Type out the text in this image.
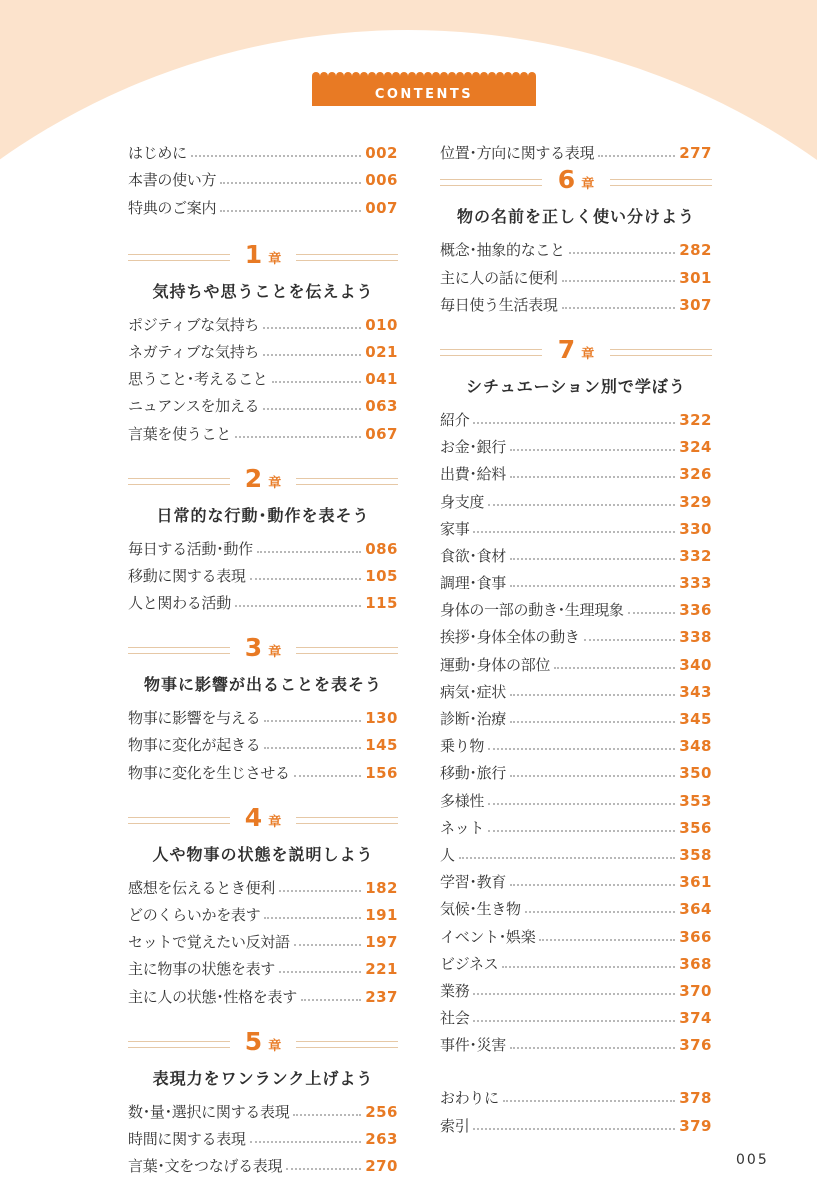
CONTENTS
はじめに	002
本書の使い方	006
特典のご案内	007
1 章
気持ちや思うことを伝えよう
ポジティブな気持ち	010
ネガティブな気持ち	021
思うこと･考えること	041
ニュアンスを加える	063
言葉を使うこと	067
2 章
日常的な行動･動作を表そう
毎日する活動･動作	086
移動に関する表現	105
人と関わる活動	115
3 章
物事に影響が出ることを表そう
物事に影響を与える	130
物事に変化が起きる	145
物事に変化を生じさせる	156
4 章
人や物事の状態を説明しよう
感想を伝えるとき便利	182
どのくらいかを表す	191
セットで覚えたい反対語	197
主に物事の状態を表す	221
主に人の状態･性格を表す	237
5 章
表現力をワンランク上げよう
数･量･選択に関する表現	256
時間に関する表現	263
言葉･文をつなげる表現	270
位置･方向に関する表現	277
6 章
物の名前を正しく使い分けよう
概念･抽象的なこと	282
主に人の話に便利	301
毎日使う生活表現	307
7 章
シチュエーション別で学ぼう
紹介	322
お金･銀行	324
出費･給料	326
身支度	329
家事	330
食欲･食材	332
調理･食事	333
身体の一部の動き･生理現象	336
挨拶･身体全体の動き	338
運動･身体の部位	340
病気･症状	343
診断･治療	345
乗り物	348
移動･旅行	350
多様性	353
ネット	356
人	358
学習･教育	361
気候･生き物	364
イベント･娯楽	366
ビジネス	368
業務	370
社会	374
事件･災害	376
おわりに	378
索引	379
005
